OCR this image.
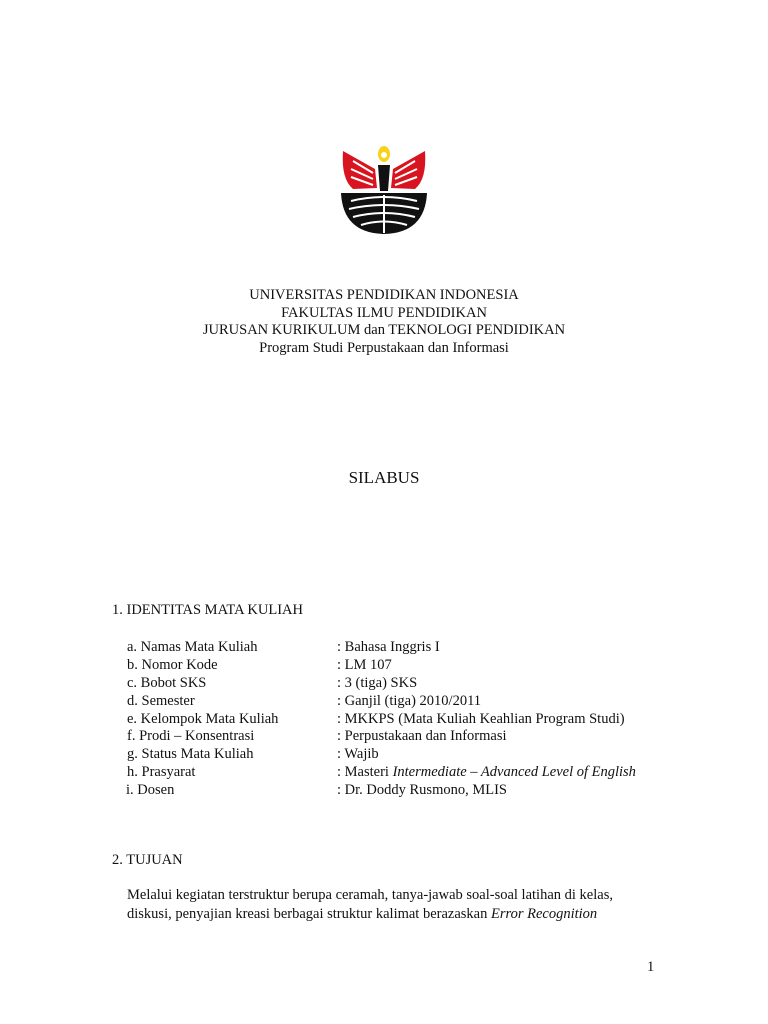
UNIVERSITAS PENDIDIKAN INDONESIA
FAKULTAS ILMU PENDIDIKAN
JURUSAN KURIKULUM dan TEKNOLOGI PENDIDIKAN
Program Studi Perpustakaan dan Informasi
SILABUS
1. IDENTITAS MATA KULIAH
a. Namas Mata Kuliah	: Bahasa Inggris I
b. Nomor Kode	: LM 107
c. Bobot SKS	: 3 (tiga) SKS
d. Semester	: Ganjil (tiga) 2010/2011
e. Kelompok Mata Kuliah	: MKKPS (Mata Kuliah Keahlian Program Studi)
f. Prodi – Konsentrasi	: Perpustakaan dan Informasi
g. Status Mata Kuliah	: Wajib
h. Prasyarat	: Masteri Intermediate – Advanced Level of English
i. Dosen	: Dr. Doddy Rusmono, MLIS
2. TUJUAN
Melalui kegiatan terstruktur berupa ceramah, tanya-jawab soal-soal latihan di kelas,
diskusi, penyajian kreasi berbagai struktur kalimat berazaskan Error Recognition
1
